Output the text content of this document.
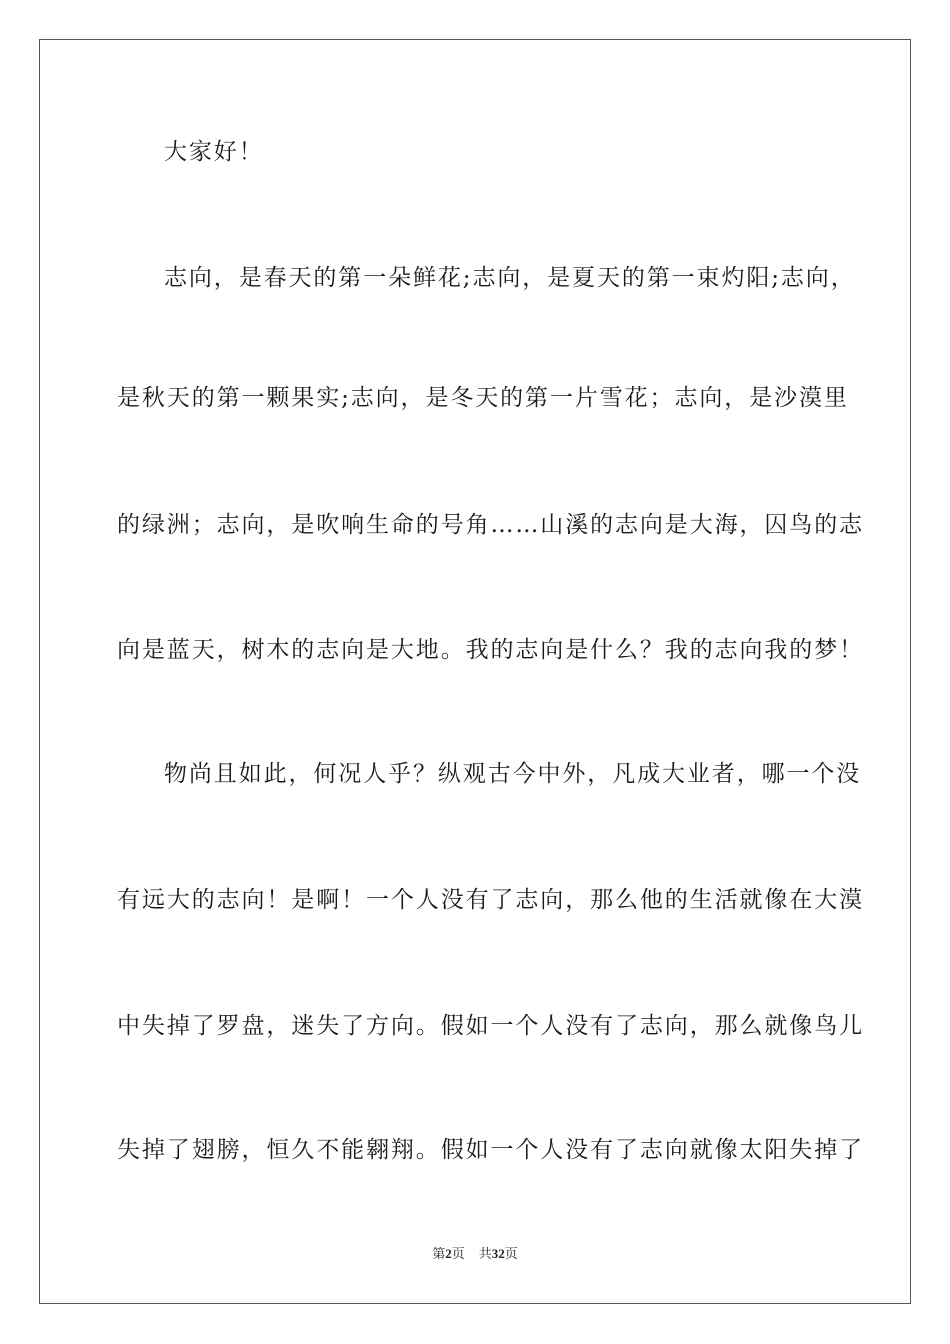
大家好！
志向，是春天的第一朵鲜花;志向，是夏天的第一束灼阳;志向，
是秋天的第一颗果实;志向，是冬天的第一片雪花；志向，是沙漠里
的绿洲；志向，是吹响生命的号角……山溪的志向是大海，囚鸟的志
向是蓝天，树木的志向是大地。我的志向是什么？我的志向我的梦！
物尚且如此，何况人乎？纵观古今中外，凡成大业者，哪一个没
有远大的志向！是啊！一个人没有了志向，那么他的生活就像在大漠
中失掉了罗盘，迷失了方向。假如一个人没有了志向，那么就像鸟儿
失掉了翅膀，恒久不能翱翔。假如一个人没有了志向就像太阳失掉了
第2页 共32页
